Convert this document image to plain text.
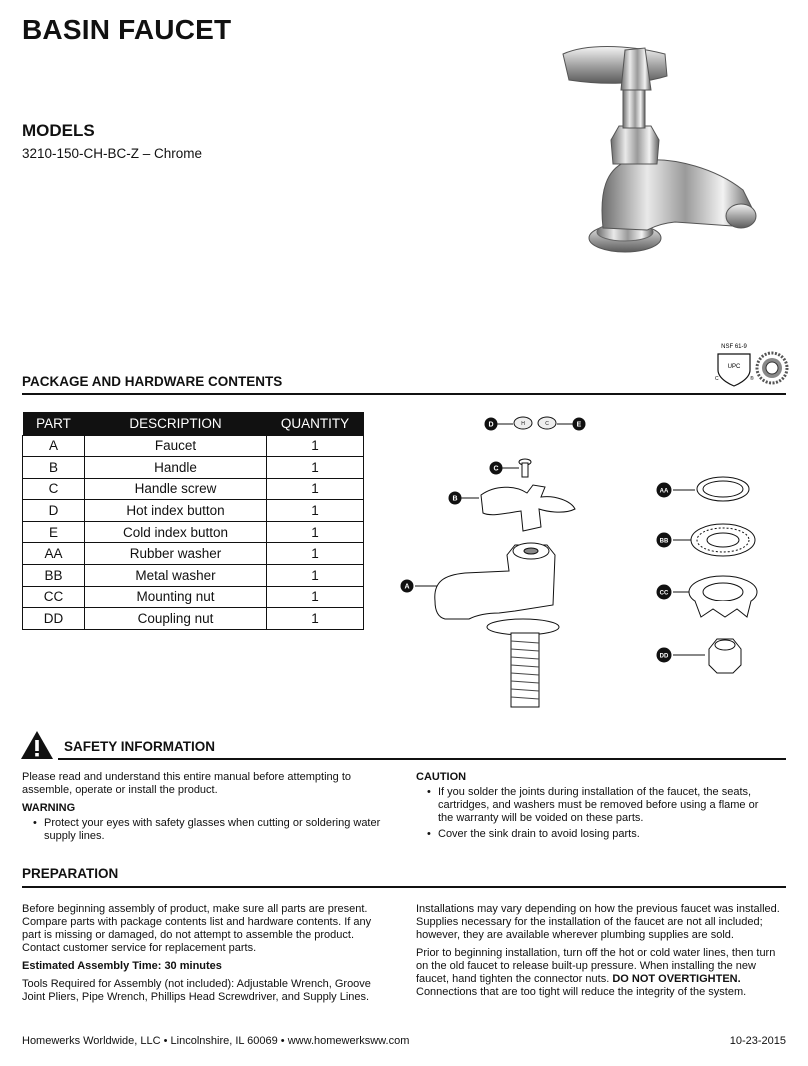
BASIN FAUCET
MODELS
3210-150-CH-BC-Z – Chrome
NSF 61-9
UPC
C	®
PACKAGE AND HARDWARE CONTENTS
PART	DESCRIPTION	QUANTITY
A	Faucet	1
B	Handle	1
C	Handle screw	1
D	Hot index button	1
E	Cold index button	1
AA	Rubber washer	1
BB	Metal washer	1
CC	Mounting nut	1
DD	Coupling nut	1
H	C
D	E
C
B
A
AA
BB
CC
DD
SAFETY INFORMATION

Please read and understand this entire manual before attempting to assemble, operate or install the product.

WARNING

• Protect your eyes with safety glasses when cutting or soldering water supply lines.

CAUTION

• If you solder the joints during installation of the faucet, the seats, cartridges, and washers must be removed before using a flame or the warranty will be voided on these parts.
• Cover the sink drain to avoid losing parts.
PREPARATION

Before beginning assembly of product, make sure all parts are present. Compare parts with package contents list and hardware contents. If any part is missing or damaged, do not attempt to assemble the product. Contact customer service for replacement parts.

Estimated Assembly Time: 30 minutes

Tools Required for Assembly (not included): Adjustable Wrench, Groove Joint Pliers, Pipe Wrench, Phillips Head Screwdriver, and Supply Lines.

Installations may vary depending on how the previous faucet was installed. Supplies necessary for the installation of the faucet are not all included; however, they are available wherever plumbing supplies are sold.

Prior to beginning installation, turn off the hot or cold water lines, then turn on the old faucet to release built-up pressure. When installing the new faucet, hand tighten the connector nuts. DO NOT OVERTIGHTEN. Connections that are too tight will reduce the integrity of the system.

Homewerks Worldwide, LLC • Lincolnshire, IL 60069 • www.homewerksww.com	10-23-2015
